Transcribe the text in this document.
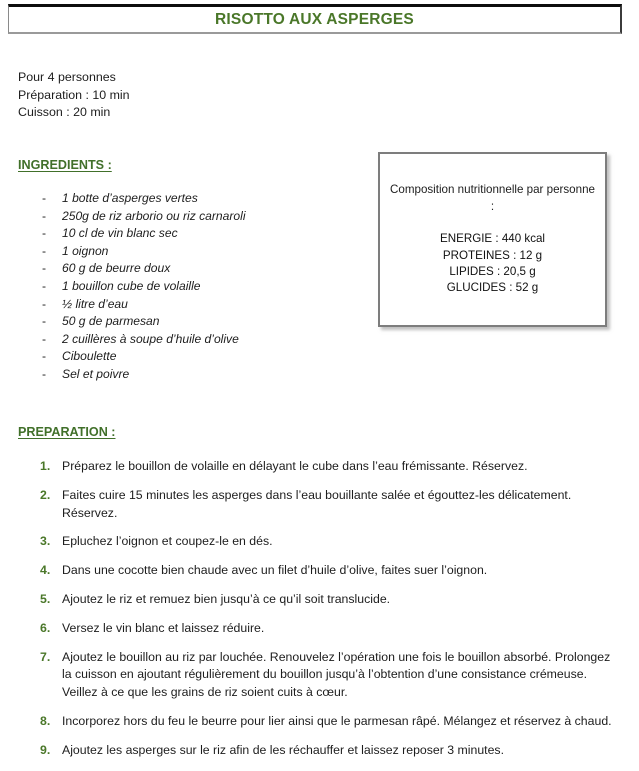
RISOTTO AUX ASPERGES
Pour 4 personnes
Préparation : 10 min
Cuisson : 20 min
INGREDIENTS :
- 1 botte d’asperges vertes
- 250g de riz arborio ou riz carnaroli
- 10 cl de vin blanc sec
- 1 oignon
- 60 g de beurre doux
- 1 bouillon cube de volaille
- ½ litre d’eau
- 50 g de parmesan
- 2 cuillères à soupe d’huile d’olive
- Ciboulette
- Sel et poivre
Composition nutritionnelle par personne :
ENERGIE : 440 kcal
PROTEINES : 12 g
LIPIDES : 20,5 g
GLUCIDES : 52 g
PREPARATION :
1. Préparez le bouillon de volaille en délayant le cube dans l’eau frémissante. Réservez.
2. Faites cuire 15 minutes les asperges dans l’eau bouillante salée et égouttez-les délicatement. Réservez.
3. Epluchez l’oignon et coupez-le en dés.
4. Dans une cocotte bien chaude avec un filet d’huile d’olive, faites suer l’oignon.
5. Ajoutez le riz et remuez bien jusqu’à ce qu’il soit translucide.
6. Versez le vin blanc et laissez réduire.
7. Ajoutez le bouillon au riz par louchée. Renouvelez l’opération une fois le bouillon absorbé. Prolongez la cuisson en ajoutant régulièrement du bouillon jusqu’à l’obtention d’une consistance crémeuse. Veillez à ce que les grains de riz soient cuits à cœur.
8. Incorporez hors du feu le beurre pour lier ainsi que le parmesan râpé. Mélangez et réservez à chaud.
9. Ajoutez les asperges sur le riz afin de les réchauffer et laissez reposer 3 minutes.
